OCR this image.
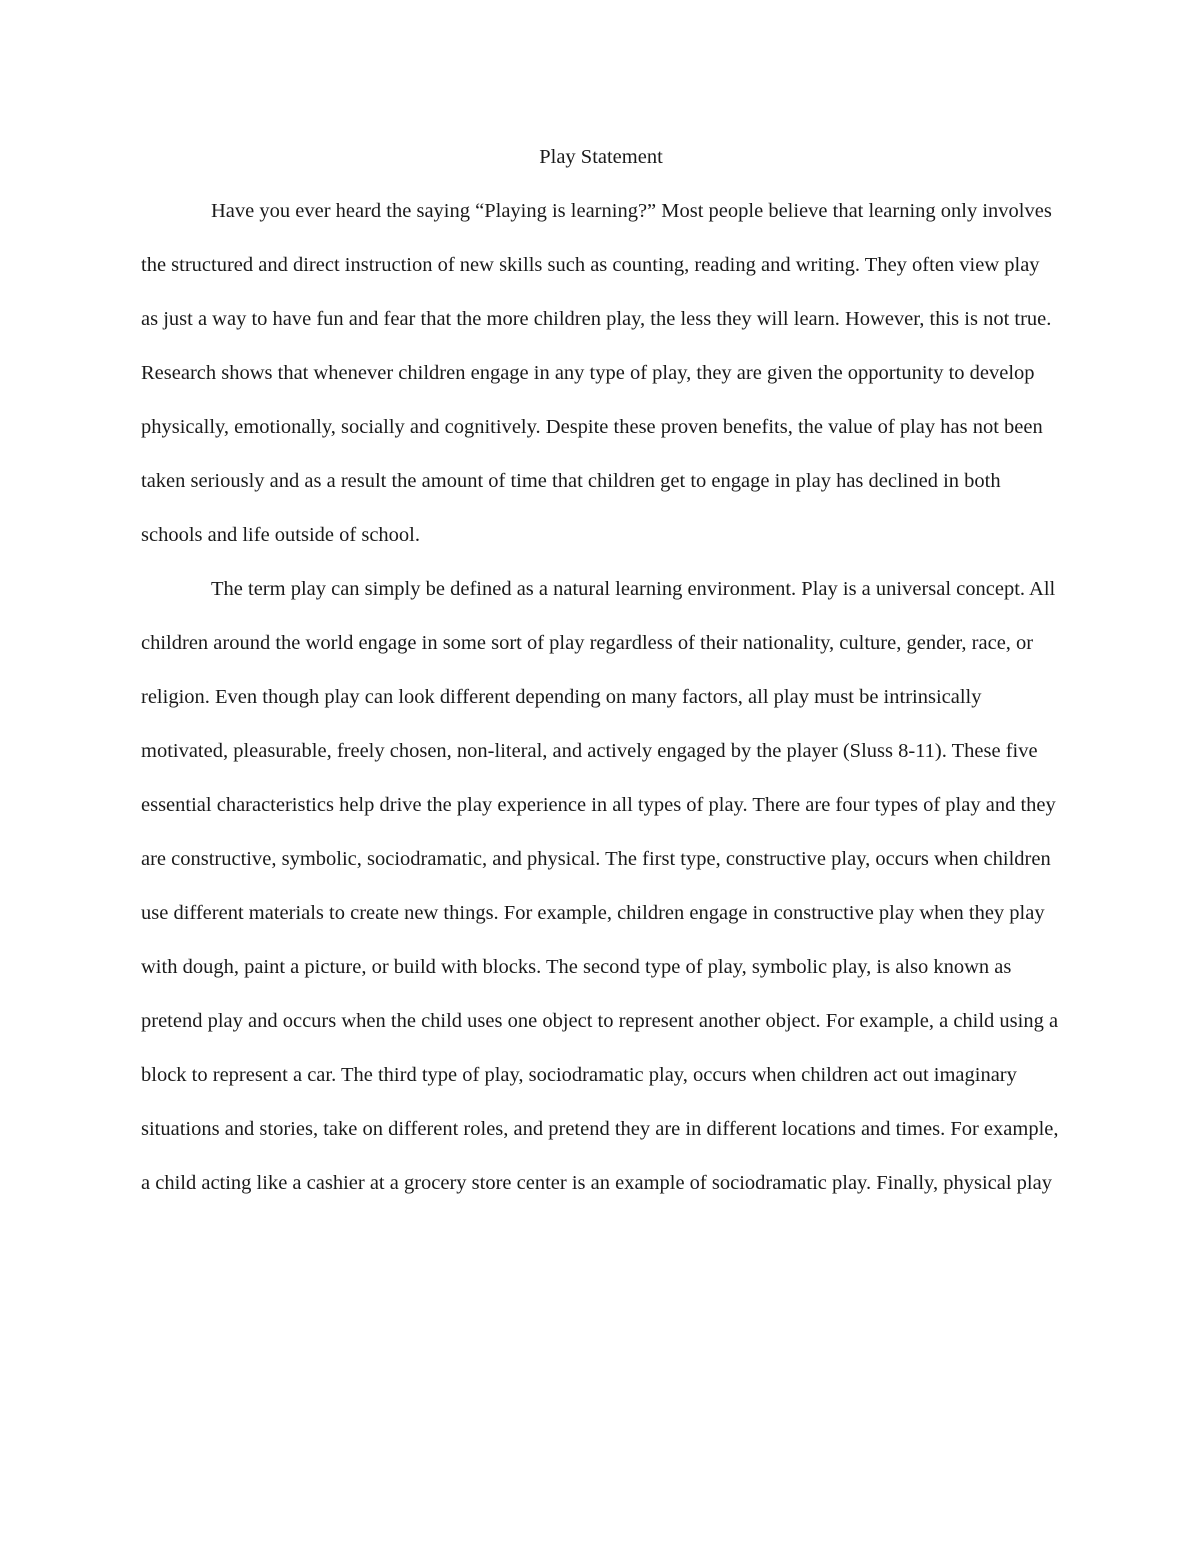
Play Statement

Have you ever heard the saying “Playing is learning?” Most people believe that learning only involves the structured and direct instruction of new skills such as counting, reading and writing. They often view play as just a way to have fun and fear that the more children play, the less they will learn. However, this is not true. Research shows that whenever children engage in any type of play, they are given the opportunity to develop physically, emotionally, socially and cognitively. Despite these proven benefits, the value of play has not been taken seriously and as a result the amount of time that children get to engage in play has declined in both schools and life outside of school.

The term play can simply be defined as a natural learning environment. Play is a universal concept. All children around the world engage in some sort of play regardless of their nationality, culture, gender, race, or religion. Even though play can look different depending on many factors, all play must be intrinsically motivated, pleasurable, freely chosen, non-literal, and actively engaged by the player (Sluss 8-11). These five essential characteristics help drive the play experience in all types of play. There are four types of play and they are constructive, symbolic, sociodramatic, and physical. The first type, constructive play, occurs when children use different materials to create new things. For example, children engage in constructive play when they play with dough, paint a picture, or build with blocks. The second type of play, symbolic play, is also known as pretend play and occurs when the child uses one object to represent another object. For example, a child using a block to represent a car. The third type of play, sociodramatic play, occurs when children act out imaginary situations and stories, take on different roles, and pretend they are in different locations and times. For example, a child acting like a cashier at a grocery store center is an example of sociodramatic play. Finally, physical play
